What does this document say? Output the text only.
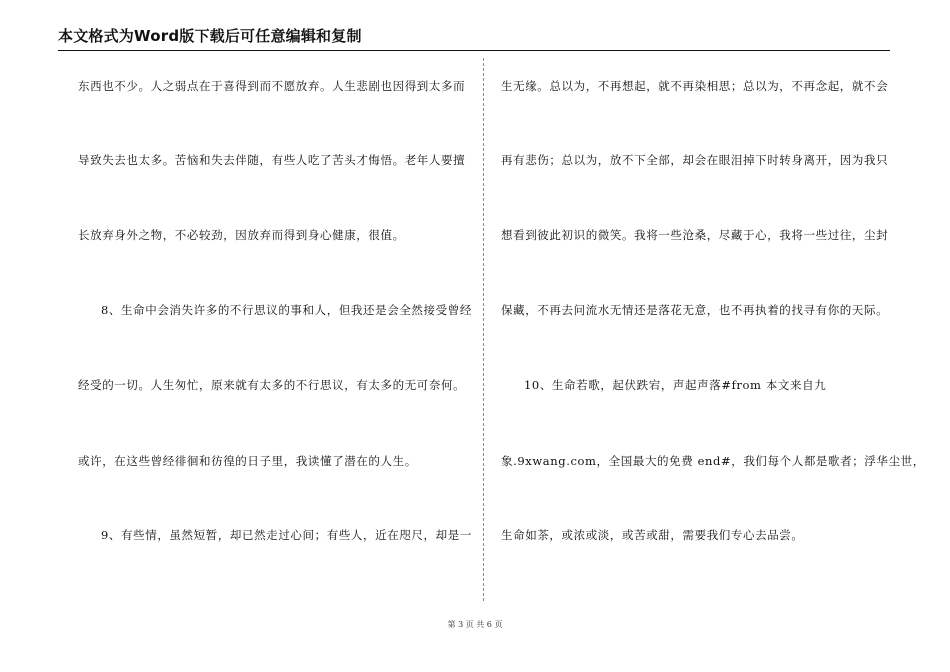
本文格式为Word版下载后可任意编辑和复制
东西也不少。人之弱点在于喜得到而不愿放弃。人生悲剧也因得到太多而
导致失去也太多。苦恼和失去伴随，有些人吃了苦头才悔悟。老年人要擅
长放弃身外之物，不必较劲，因放弃而得到身心健康，很值。
8、生命中会消失许多的不行思议的事和人，但我还是会全然接受曾经
经受的一切。人生匆忙，原来就有太多的不行思议，有太多的无可奈何。
或许，在这些曾经徘徊和彷徨的日子里，我读懂了潜在的人生。
9、有些情，虽然短暂，却已然走过心间；有些人，近在咫尺，却是一
生无缘。总以为，不再想起，就不再染相思；总以为，不再念起，就不会
再有悲伤；总以为，放不下全部，却会在眼泪掉下时转身离开，因为我只
想看到彼此初识的微笑。我将一些沧桑，尽藏于心，我将一些过往，尘封
保藏，不再去问流水无情还是落花无意，也不再执着的找寻有你的天际。
10、生命若歌，起伏跌宕，声起声落#from 本文来自九
象.9xwang.com，全国最大的免费 end#，我们每个人都是歌者；浮华尘世，
生命如茶，或浓或淡，或苦或甜，需要我们专心去品尝。
第 3 页 共 6 页
